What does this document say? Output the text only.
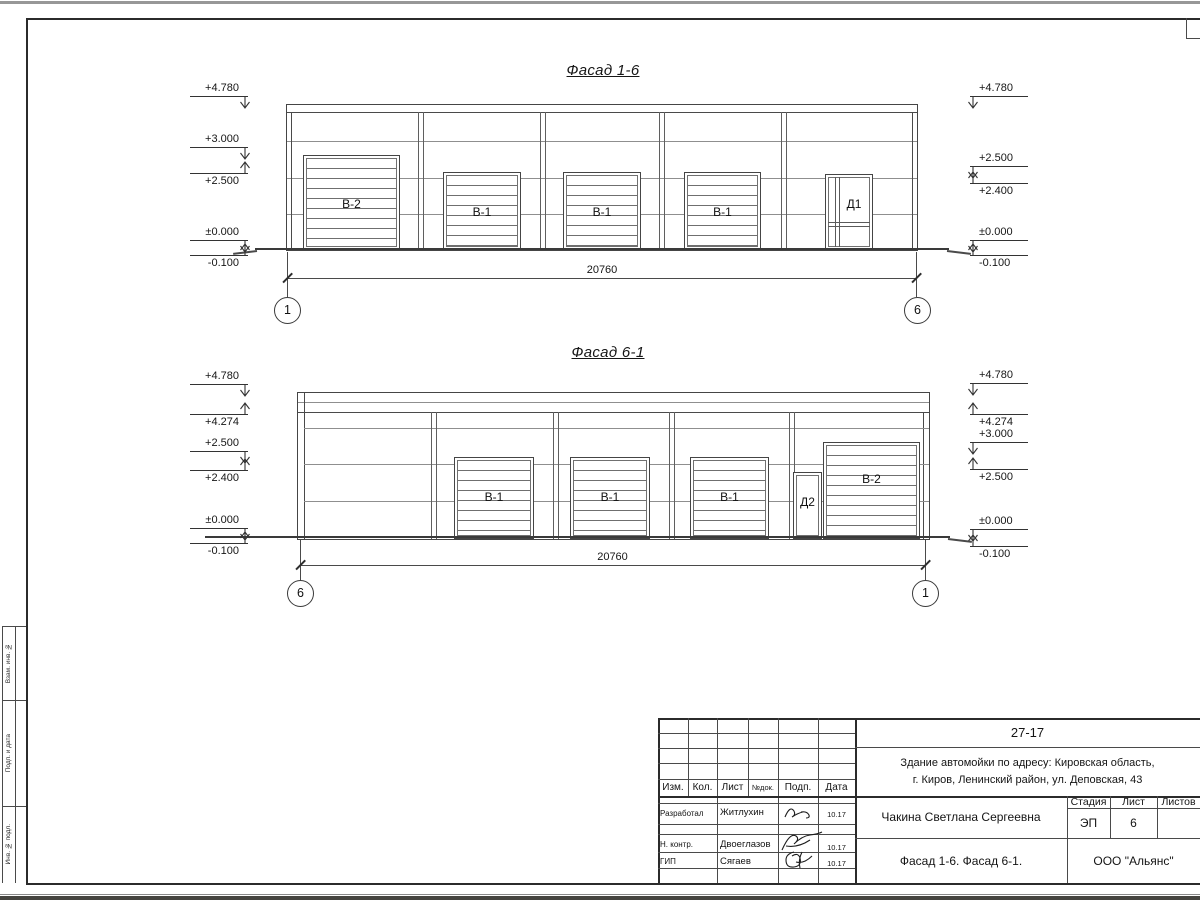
Взам. инв. №
Подп. и дата
Инв. № подл.
Фасад 1-6
В-2
В-1	В-1	В-1
Д1
20760
1	6
+4.780
+3.000
+2.500
±0.000
-0.100
+4.780
+2.500
+2.400
±0.000
-0.100
Фасад 6-1
В-1	В-1	В-1	Д2
В-2
20760
6	1
+4.780
+4.274
+2.500
+2.400
±0.000
-0.100
+4.780
+4.274
+3.000
+2.500
±0.000
-0.100
Изм. Кол. Лист №док. Подп. Дата
Разработал Житлухин	10.17
Н. контр.	Двоеглазов	10.17
ГИП	Сягаев	10.17
27-17
Здание автомойки по адресу: Кировская область,
г. Киров, Ленинский район, ул. Деповская, 43
Чакина Светлана Сергеевна
Стадия Лист Листов
ЭП	6
Фасад 1-6. Фасад 6-1.	ООО "Альянс"
